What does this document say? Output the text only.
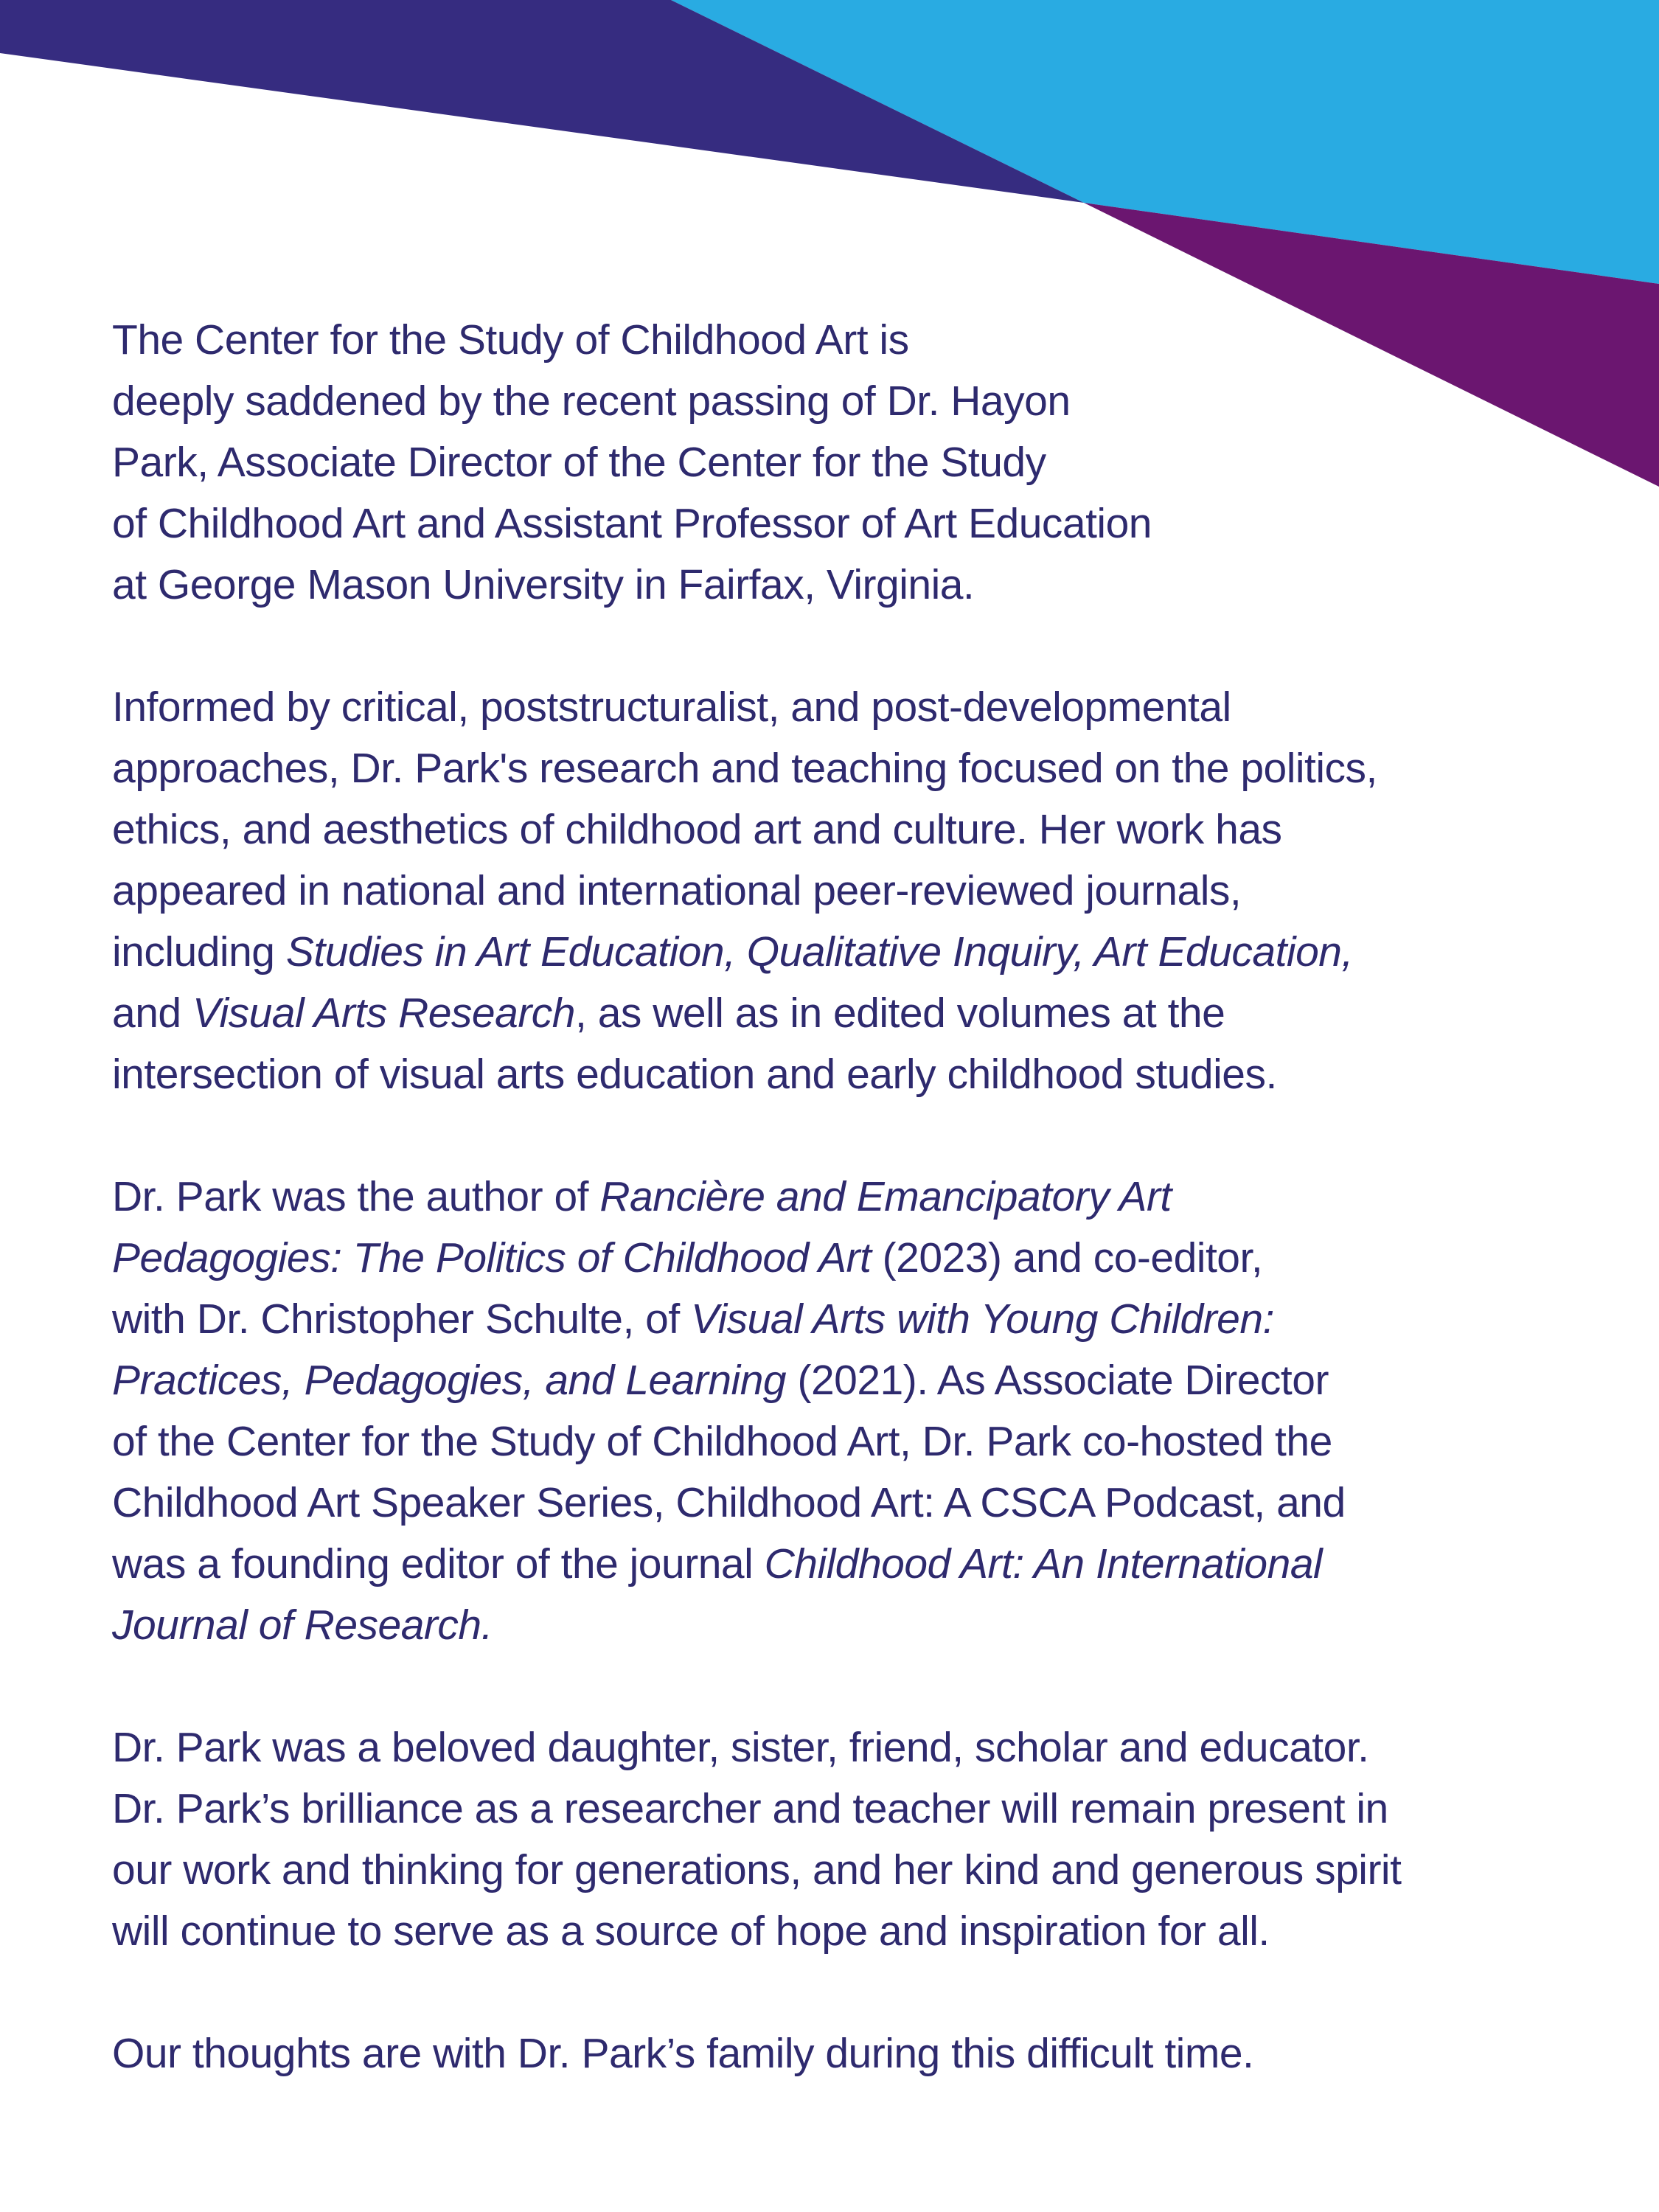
The Center for the Study of Childhood Art is
deeply saddened by the recent passing of Dr. Hayon
Park, Associate Director of the Center for the Study
of Childhood Art and Assistant Professor of Art Education
at George Mason University in Fairfax, Virginia.

Informed by critical, poststructuralist, and post-developmental
approaches, Dr. Park's research and teaching focused on the politics,
ethics, and aesthetics of childhood art and culture. Her work has
appeared in national and international peer-reviewed journals,
including Studies in Art Education, Qualitative Inquiry, Art Education,
and Visual Arts Research, as well as in edited volumes at the
intersection of visual arts education and early childhood studies.

Dr. Park was the author of Rancière and Emancipatory Art
Pedagogies: The Politics of Childhood Art (2023) and co-editor,
with Dr. Christopher Schulte, of Visual Arts with Young Children:
Practices, Pedagogies, and Learning (2021). As Associate Director
of the Center for the Study of Childhood Art, Dr. Park co-hosted the
Childhood Art Speaker Series, Childhood Art: A CSCA Podcast, and
was a founding editor of the journal Childhood Art: An International
Journal of Research.

Dr. Park was a beloved daughter, sister, friend, scholar and educator.
Dr. Park’s brilliance as a researcher and teacher will remain present in
our work and thinking for generations, and her kind and generous spirit
will continue to serve as a source of hope and inspiration for all.

Our thoughts are with Dr. Park’s family during this difficult time.
